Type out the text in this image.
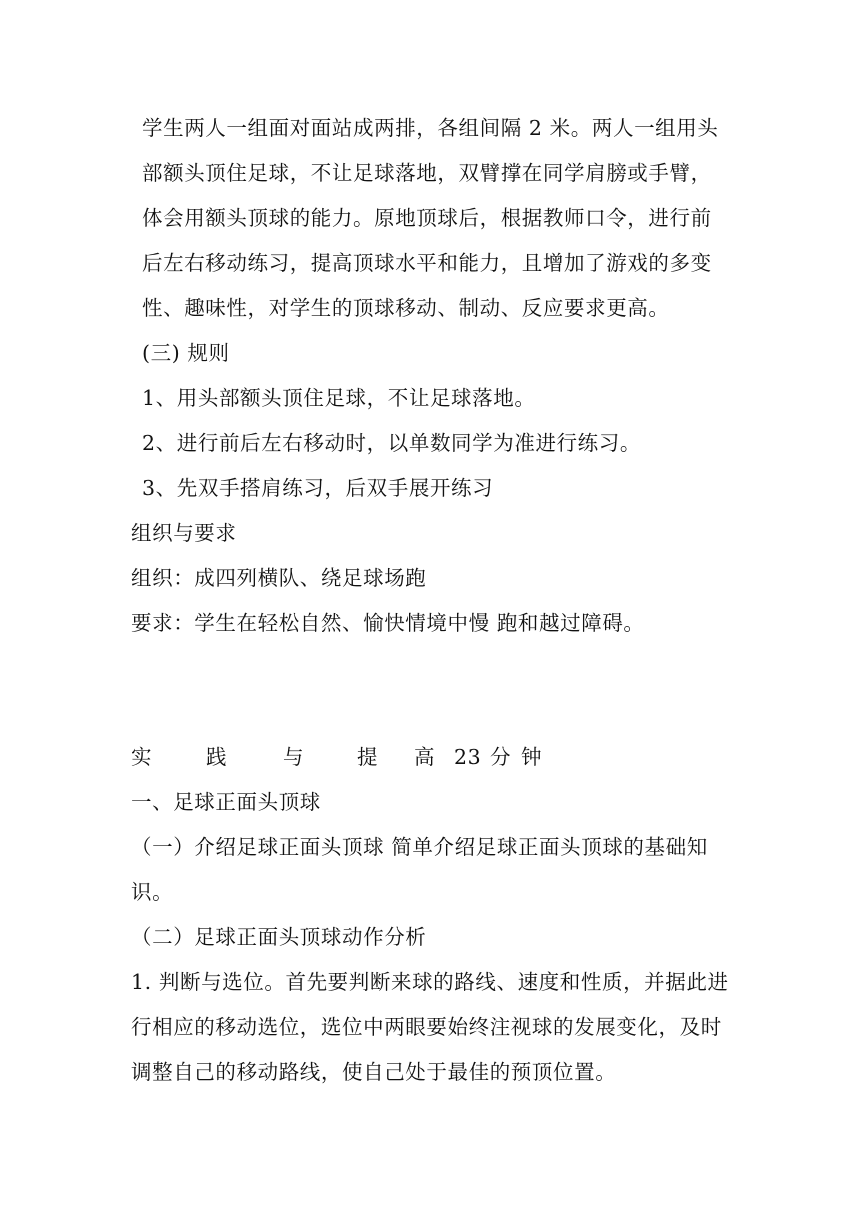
学生两人一组面对面站成两排，各组间隔 2 米。两人一组用头
部额头顶住足球，不让足球落地，双臂撑在同学肩膀或手臂，
体会用额头顶球的能力。原地顶球后，根据教师口令，进行前
后左右移动练习，提高顶球水平和能力，且增加了游戏的多变
性、趣味性，对学生的顶球移动、制动、反应要求更高。
(三) 规则
1、用头部额头顶住足球，不让足球落地。
2、进行前后左右移动时，以单数同学为准进行练习。
3、先双手搭肩练习，后双手展开练习
组织与要求
组织：成四列横队、绕足球场跑
要求：学生在轻松自然、愉快情境中慢 跑和越过障碍。
实	践	与	提 高 23 分 钟
一、足球正面头顶球
（一）介绍足球正面头顶球 简单介绍足球正面头顶球的基础知
识。
（二）足球正面头顶球动作分析
1. 判断与选位。首先要判断来球的路线、速度和性质，并据此进
行相应的移动选位，选位中两眼要始终注视球的发展变化，及时
调整自己的移动路线，使自己处于最佳的预顶位置。
